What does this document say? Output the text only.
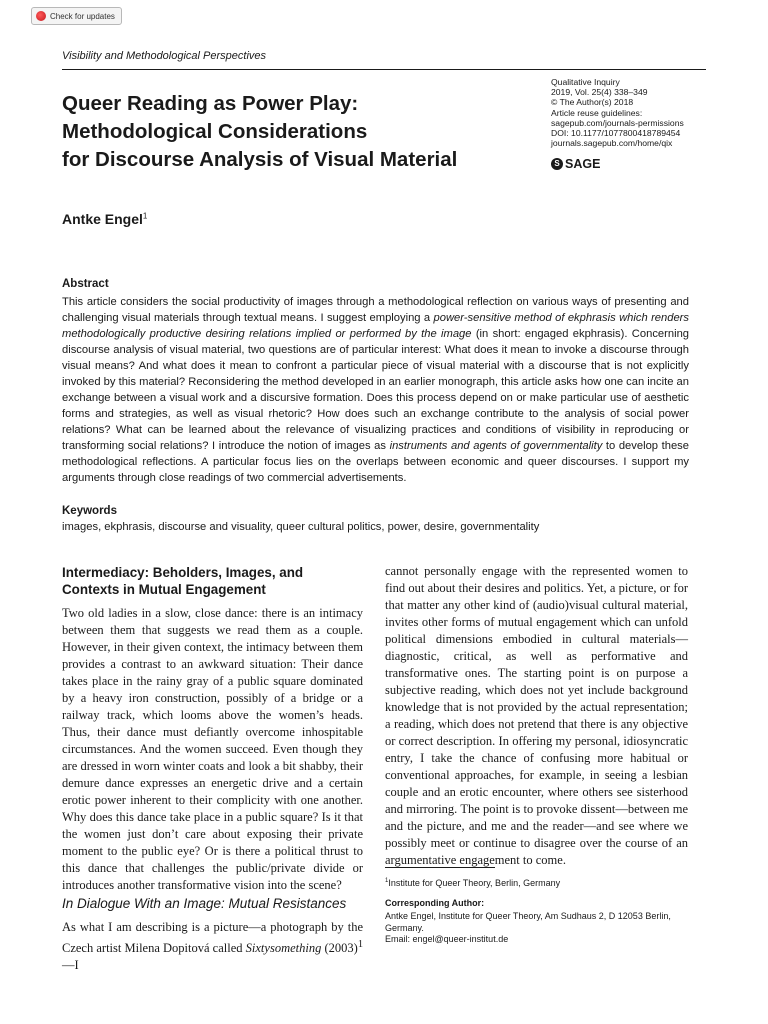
Check for updates
Visibility and Methodological Perspectives
Queer Reading as Power Play:
Methodological Considerations
for Discourse Analysis of Visual Material
Qualitative Inquiry
2019, Vol. 25(4) 338–349
© The Author(s) 2018
Article reuse guidelines:
sagepub.com/journals-permissions
DOI: 10.1177/1077800418789454
journals.sagepub.com/home/qix
S SAGE
Antke Engel$^1$
Abstract

This article considers the social productivity of images through a methodological reflection on various ways of presenting and challenging visual materials through textual means. I suggest employing a power-sensitive method of ekphrasis which renders methodologically productive desiring relations implied or performed by the image (in short: engaged ekphrasis). Concerning discourse analysis of visual material, two questions are of particular interest: What does it mean to invoke a discourse through visual means? And what does it mean to confront a particular piece of visual material with a discourse that is not explicitly invoked by this material? Reconsidering the method developed in an earlier monograph, this article asks how one can incite an exchange between a visual work and a discursive formation. Does this process depend on or make particular use of aesthetic forms and strategies, as well as visual rhetoric? How does such an exchange contribute to the analysis of social power relations? What can be learned about the relevance of visualizing practices and conditions of visibility in reproducing or transforming social relations? I introduce the notion of images as instruments and agents of governmentality to develop these methodological reflections. A particular focus lies on the overlaps between economic and queer discourses. I support my arguments through close readings of two commercial advertisements.

Keywords
images, ekphrasis, discourse and visuality, queer cultural politics, power, desire, governmentality
Intermediacy: Beholders, Images, and
Contexts in Mutual Engagement

Two old ladies in a slow, close dance: there is an intimacy between them that suggests we read them as a couple. However, in their given context, the intimacy between them provides a contrast to an awkward situation: Their dance takes place in the rainy gray of a public square dominated by a heavy iron construction, possibly of a bridge or a railway track, which looms above the women’s heads. Thus, their dance must defiantly overcome inhospitable circumstances. And the women succeed. Even though they are dressed in worn winter coats and look a bit shabby, their demure dance expresses an energetic drive and a certain erotic power inherent to their complicity with one another. Why does this dance take place in a public square? Is it that the women just don’t care about exposing their private moment to the public eye? Or is there a political thrust to this dance that challenges the public/private divide or introduces another transformative vision into the scene?

In Dialogue With an Image: Mutual Resistances

As what I am describing is a picture—a photograph by the Czech artist Milena Dopitová called Sixtysomething $(2003)^1—I$

cannot personally engage with the represented women to find out about their desires and politics. Yet, a picture, or for that matter any other kind of (audio)visual cultural material, invites other forms of mutual engagement which can unfold political dimensions embodied in cultural materials—diagnostic, critical, as well as performative and transformative ones. The starting point is on purpose a subjective reading, which does not yet include background knowledge that is not provided by the actual representation; a reading, which does not pretend that there is any objective or correct description. In offering my personal, idiosyncratic entry, I take the chance of confusing more habitual or conventional approaches, for example, in seeing a lesbian couple and an erotic encounter, where others see sisterhood and mirroring. The point is to provoke dissent—between me and the picture, and me and the reader—and see where we possibly meet or continue to disagree over the course of an argumentative engagement to come.

$^1$Institute for Queer Theory, Berlin, Germany
Corresponding Author:

Antke Engel, Institute for Queer Theory, Am Sudhaus 2, D 12053 Berlin,
Germany.
Email: engel@queer-institut.de
